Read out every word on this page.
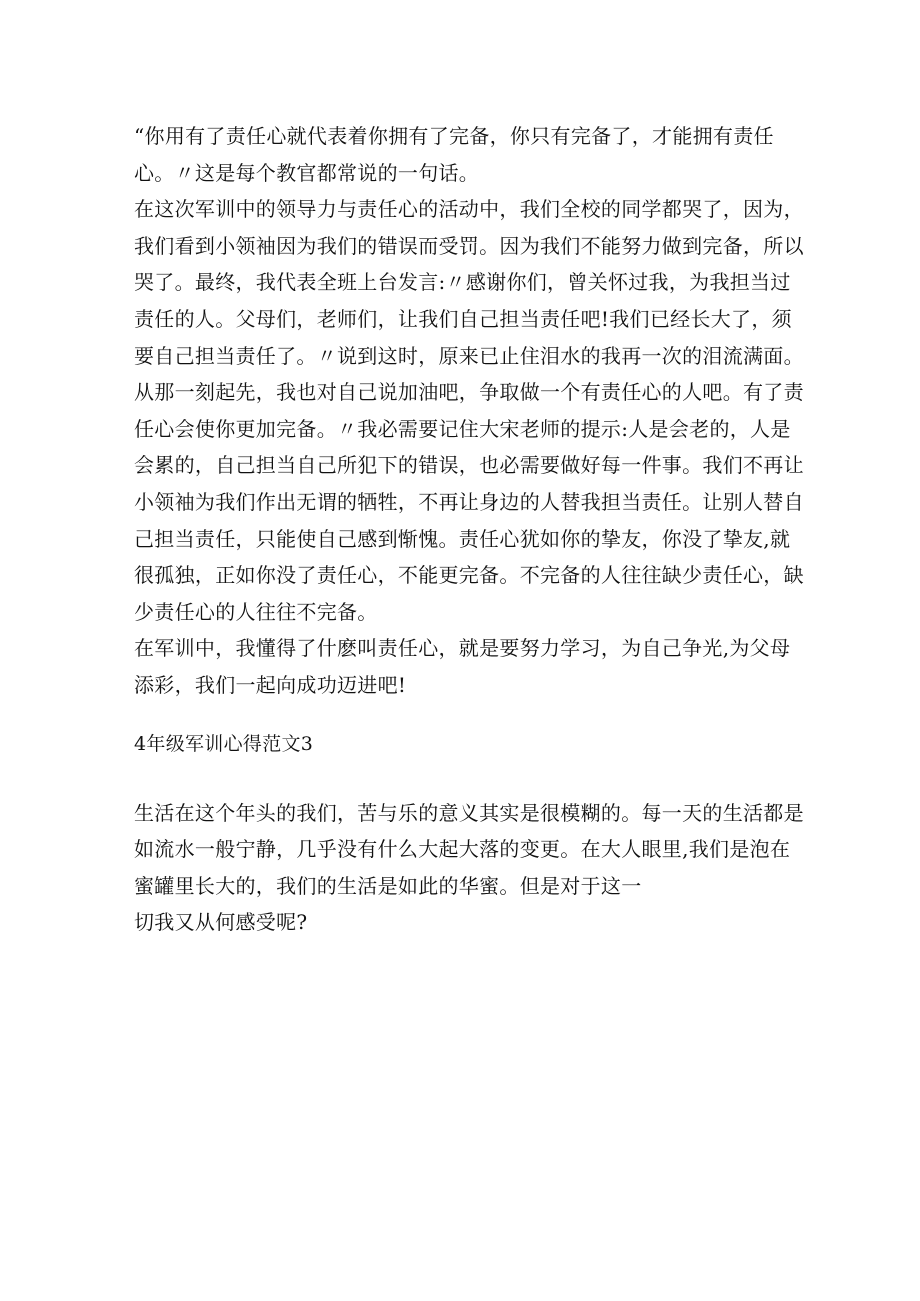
“你用有了责任心就代表着你拥有了完备，你只有完备了，才能拥有责任
心。〃这是每个教官都常说的一句话。

在这次军训中的领导力与责任心的活动中，我们全校的同学都哭了，因为，
我们看到小领袖因为我们的错误而受罚。因为我们不能努力做到完备，所以
哭了。最终，我代表全班上台发言:〃感谢你们，曾关怀过我，为我担当过
责任的人。父母们，老师们，让我们自己担当责任吧!我们已经长大了，须
要自己担当责任了。〃说到这时，原来已止住泪水的我再一次的泪流满面。
从那一刻起先，我也对自己说加油吧，争取做一个有责任心的人吧。有了责
任心会使你更加完备。〃我必需要记住大宋老师的提示:人是会老的，人是
会累的，自己担当自己所犯下的错误，也必需要做好每一件事。我们不再让
小领袖为我们作出无谓的牺牲，不再让身边的人替我担当责任。让别人替自
己担当责任，只能使自己感到惭愧。责任心犹如你的挚友，你没了挚友,就
很孤独，正如你没了责任心，不能更完备。不完备的人往往缺少责任心，缺
少责任心的人往往不完备。

在军训中，我懂得了什麽叫责任心，就是要努力学习，为自己争光,为父母
添彩，我们一起向成功迈进吧!

4年级军训心得范文3

生活在这个年头的我们，苦与乐的意义其实是很模糊的。每一天的生活都是
如流水一般宁静，几乎没有什么大起大落的变更。在大人眼里,我们是泡在
蜜罐里长大的，我们的生活是如此的华蜜。但是对于这一
切我又从何感受呢?
